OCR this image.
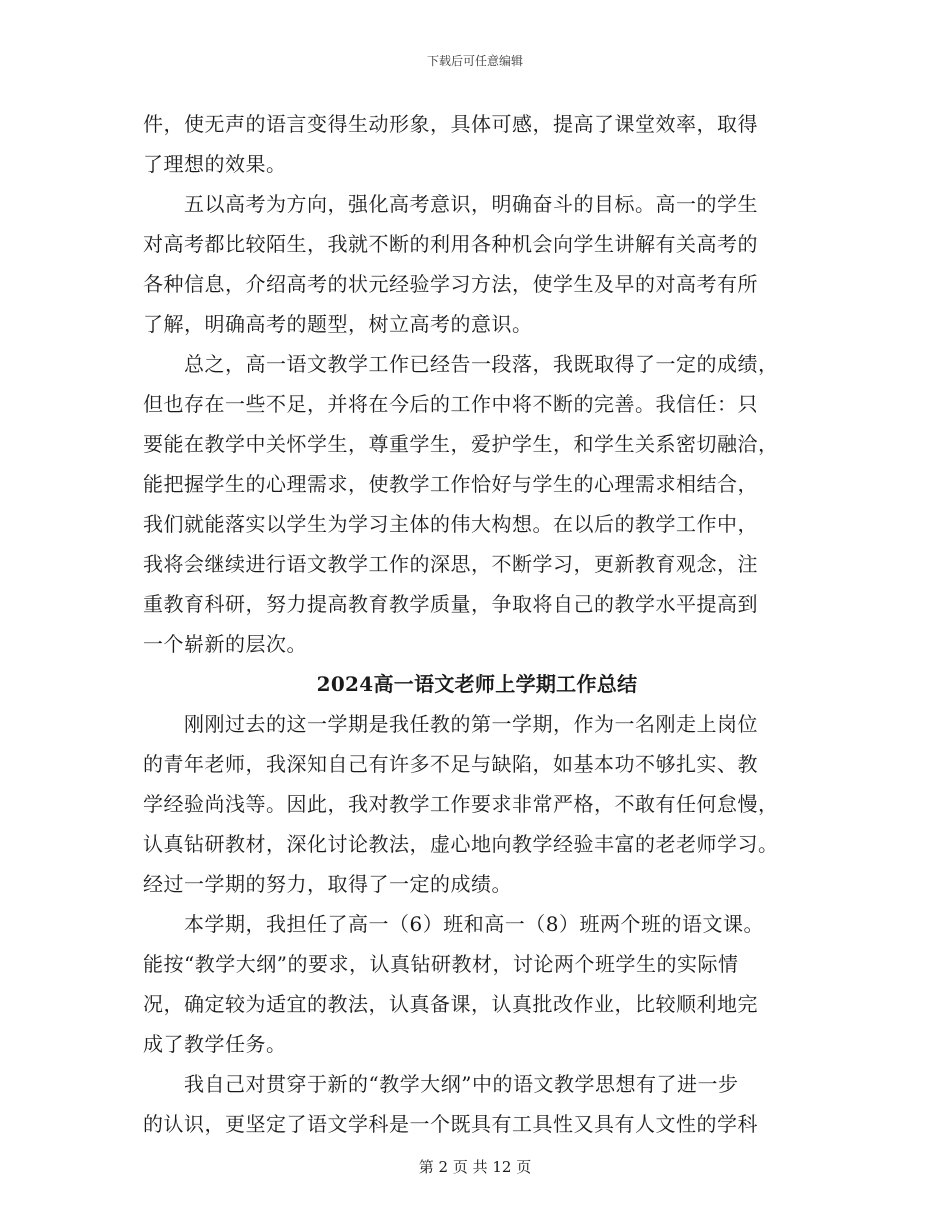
下载后可任意编辑
件，使无声的语言变得生动形象，具体可感，提高了课堂效率，取得
了理想的效果。
　　五以高考为方向，强化高考意识，明确奋斗的目标。高一的学生
对高考都比较陌生，我就不断的利用各种机会向学生讲解有关高考的
各种信息，介绍高考的状元经验学习方法，使学生及早的对高考有所
了解，明确高考的题型，树立高考的意识。
　　总之，高一语文教学工作已经告一段落，我既取得了一定的成绩，
但也存在一些不足，并将在今后的工作中将不断的完善。我信任：只
要能在教学中关怀学生，尊重学生，爱护学生，和学生关系密切融洽，
能把握学生的心理需求，使教学工作恰好与学生的心理需求相结合，
我们就能落实以学生为学习主体的伟大构想。在以后的教学工作中，
我将会继续进行语文教学工作的深思，不断学习，更新教育观念，注
重教育科研，努力提高教育教学质量，争取将自己的教学水平提高到
一个崭新的层次。
2024高一语文老师上学期工作总结
　　刚刚过去的这一学期是我任教的第一学期，作为一名刚走上岗位
的青年老师，我深知自己有许多不足与缺陷，如基本功不够扎实、教
学经验尚浅等。因此，我对教学工作要求非常严格，不敢有任何怠慢，
认真钻研教材，深化讨论教法，虚心地向教学经验丰富的老老师学习。
经过一学期的努力，取得了一定的成绩。
　　本学期，我担任了高一（6）班和高一（8）班两个班的语文课。
能按“教学大纲”的要求，认真钻研教材，讨论两个班学生的实际情
况，确定较为适宜的教法，认真备课，认真批改作业，比较顺利地完
成了教学任务。
　　我自己对贯穿于新的“教学大纲”中的语文教学思想有了进一步
的认识，更坚定了语文学科是一个既具有工具性又具有人文性的学科
第 2 页 共 12 页
